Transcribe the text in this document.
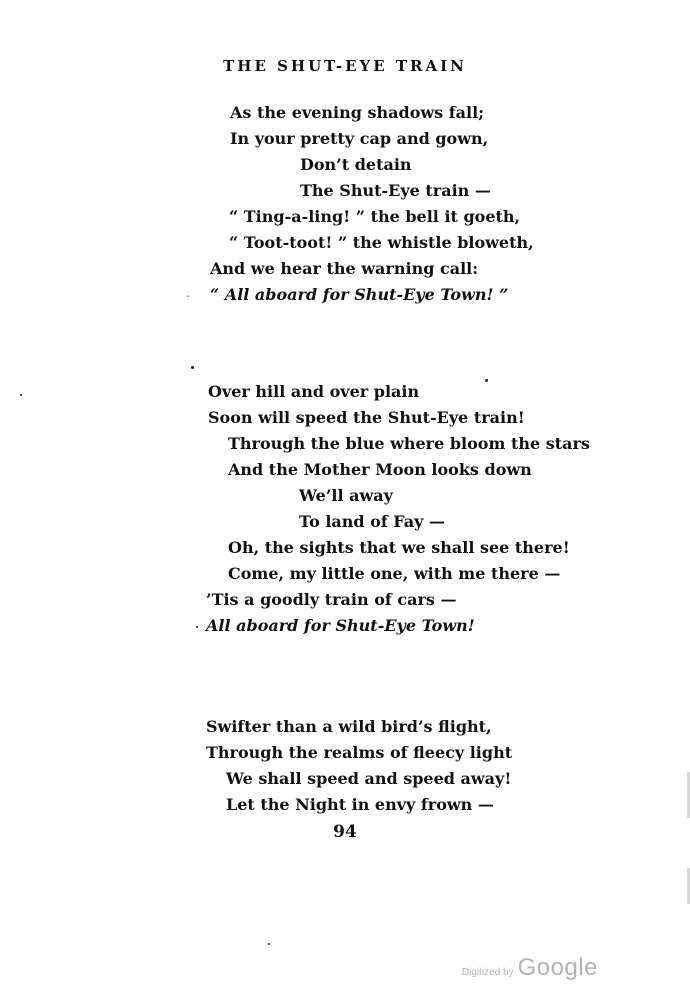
THE SHUT-EYE TRAIN
As the evening shadows fall;
In your pretty cap and gown,
Don’t detain
The Shut-Eye train —
“ Ting-a-ling! ” the bell it goeth,
“ Toot-toot! ” the whistle bloweth,
And we hear the warning call:
“ All aboard for Shut-Eye Town! ”
Over hill and over plain
Soon will speed the Shut-Eye train!
Through the blue where bloom the stars
And the Mother Moon looks down
We’ll away
To land of Fay —
Oh, the sights that we shall see there!
Come, my little one, with me there —
’Tis a goodly train of cars —
All aboard for Shut-Eye Town!
Swifter than a wild bird’s flight,
Through the realms of fleecy light
We shall speed and speed away!
Let the Night in envy frown —
94
-
Digitized by Google
